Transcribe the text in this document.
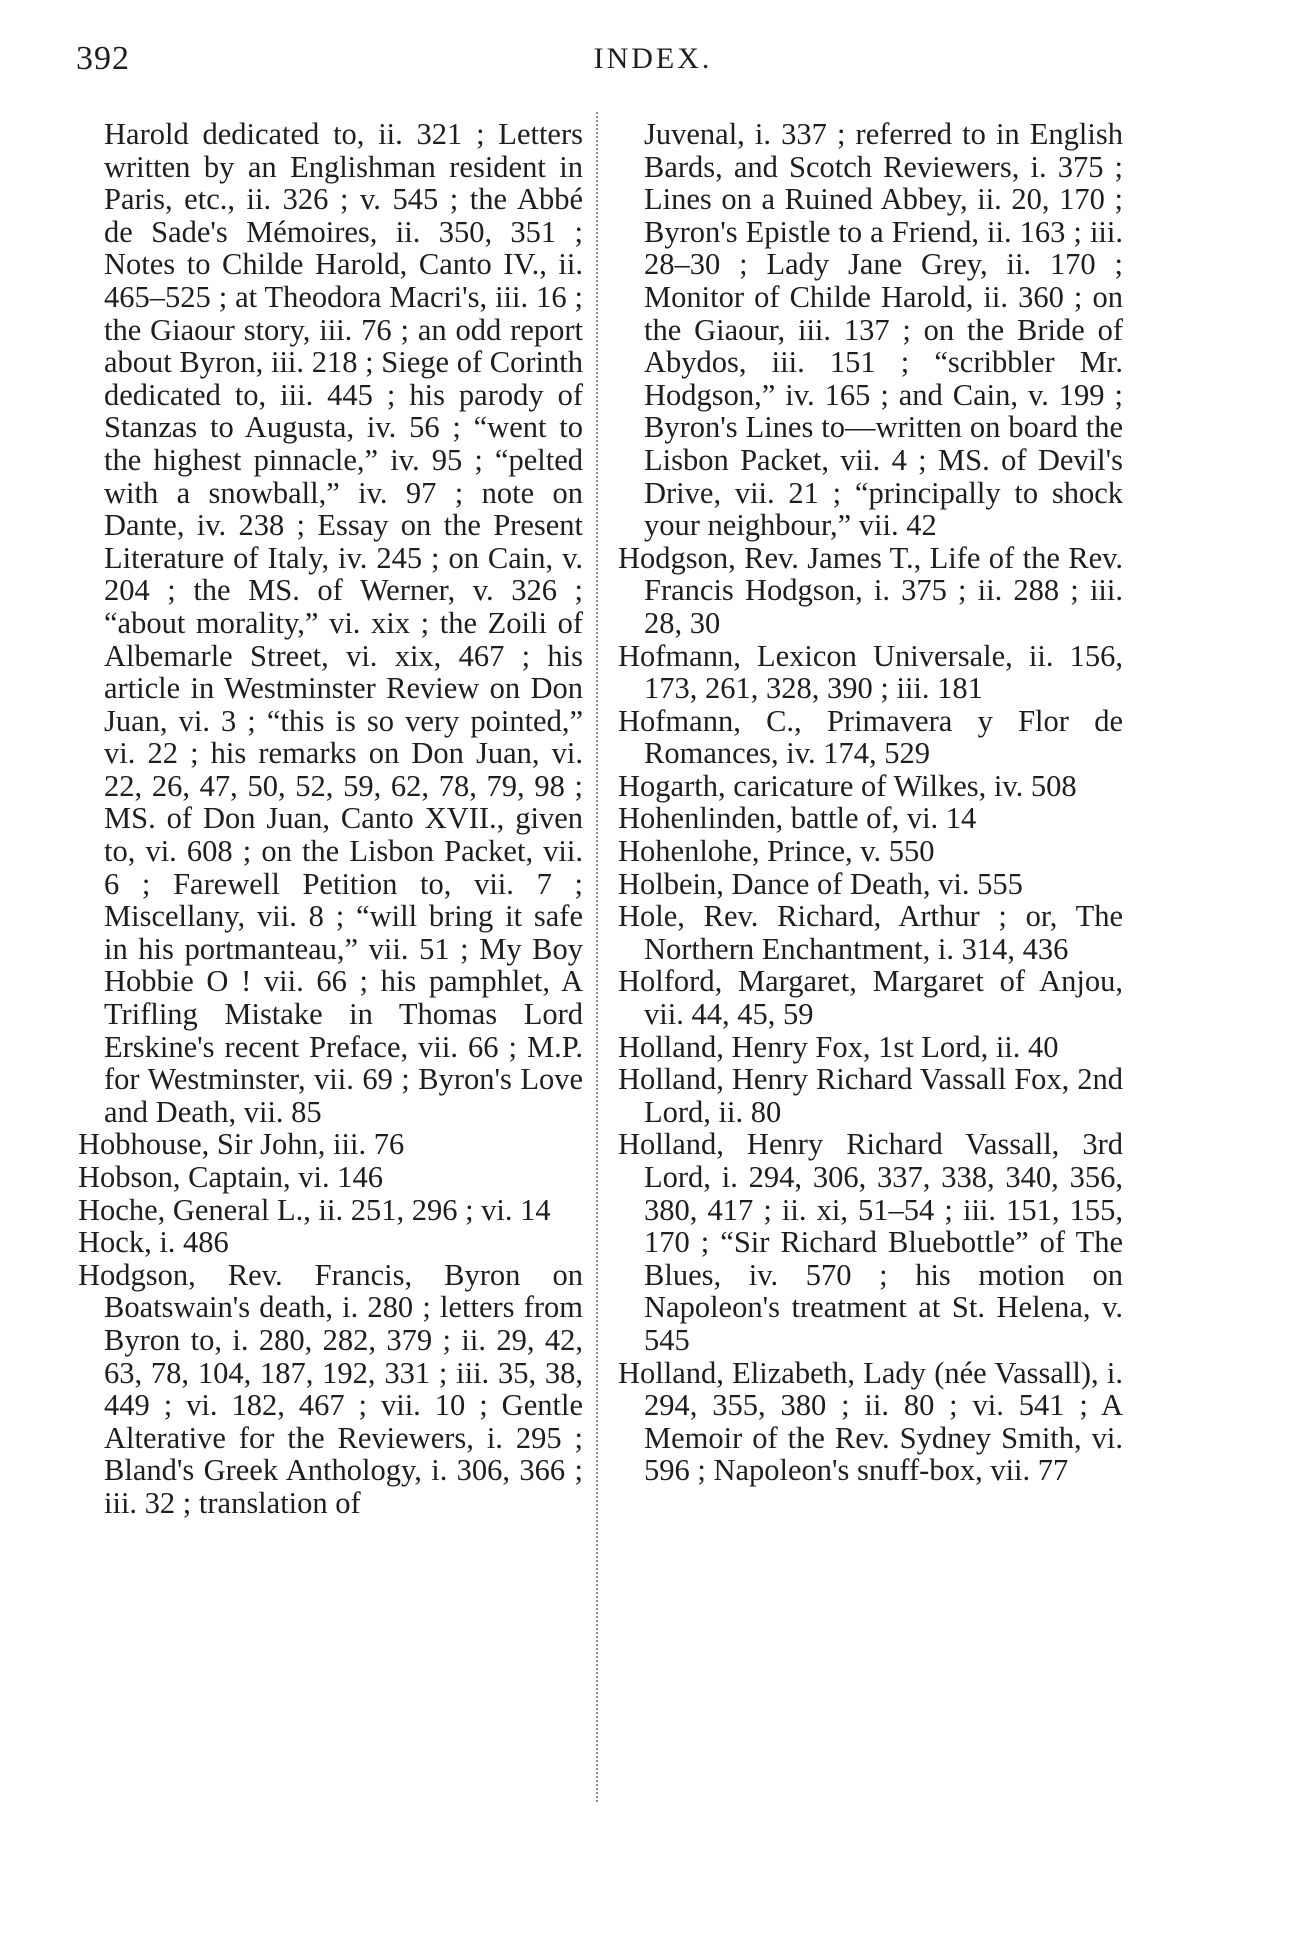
392	INDEX.

Harold dedicated to, ii. 321 ; Letters written by an Englishman resident in Paris, etc., ii. 326 ; v. 545 ; the Abbé de Sade's Mémoires, ii. 350, 351 ; Notes to Childe Harold, Canto IV., ii. 465–525 ; at Theodora Macri's, iii. 16 ; the Giaour story, iii. 76 ; an odd report about Byron, iii. 218 ; Siege of Corinth dedicated to, iii. 445 ; his parody of Stanzas to Augusta, iv. 56 ; “went to the highest pinnacle,” iv. 95 ; “pelted with a snowball,” iv. 97 ; note on Dante, iv. 238 ; Essay on the Present Literature of Italy, iv. 245 ; on Cain, v. 204 ; the MS. of Werner, v. 326 ; “about morality,” vi. xix ; the Zoili of Albemarle Street, vi. xix, 467 ; his article in Westminster Review on Don Juan, vi. 3 ; “this is so very pointed,” vi. 22 ; his remarks on Don Juan, vi. 22, 26, 47, 50, 52, 59, 62, 78, 79, 98 ; MS. of Don Juan, Canto XVII., given to, vi. 608 ; on the Lisbon Packet, vii. 6 ; Farewell Petition to, vii. 7 ; Miscellany, vii. 8 ; “will bring it safe in his portmanteau,” vii. 51 ; My Boy Hobbie O ! vii. 66 ; his pamphlet, A Trifling Mistake in Thomas Lord Erskine's recent Preface, vii. 66 ; M.P. for Westminster, vii. 69 ; Byron's Love and Death, vii. 85

Hobhouse, Sir John, iii. 76

Hobson, Captain, vi. 146

Hoche, General L., ii. 251, 296 ; vi. 14

Hock, i. 486

Hodgson, Rev. Francis, Byron on Boatswain's death, i. 280 ; letters from Byron to, i. 280, 282, 379 ; ii. 29, 42, 63, 78, 104, 187, 192, 331 ; iii. 35, 38, 449 ; vi. 182, 467 ; vii. 10 ; Gentle Alterative for the Reviewers, i. 295 ; Bland's Greek Anthology, i. 306, 366 ; iii. 32 ; translation of

Juvenal, i. 337 ; referred to in English Bards, and Scotch Reviewers, i. 375 ; Lines on a Ruined Abbey, ii. 20, 170 ; Byron's Epistle to a Friend, ii. 163 ; iii. 28–30 ; Lady Jane Grey, ii. 170 ; Monitor of Childe Harold, ii. 360 ; on the Giaour, iii. 137 ; on the Bride of Abydos, iii. 151 ; “scribbler Mr. Hodgson,” iv. 165 ; and Cain, v. 199 ; Byron's Lines to—written on board the Lisbon Packet, vii. 4 ; MS. of Devil's Drive, vii. 21 ; “principally to shock your neighbour,” vii. 42

Hodgson, Rev. James T., Life of the Rev. Francis Hodgson, i. 375 ; ii. 288 ; iii. 28, 30

Hofmann, Lexicon Universale, ii. 156, 173, 261, 328, 390 ; iii. 181

Hofmann, C., Primavera y Flor de Romances, iv. 174, 529

Hogarth, caricature of Wilkes, iv. 508

Hohenlinden, battle of, vi. 14

Hohenlohe, Prince, v. 550

Holbein, Dance of Death, vi. 555

Hole, Rev. Richard, Arthur ; or, The Northern Enchantment, i. 314, 436

Holford, Margaret, Margaret of Anjou, vii. 44, 45, 59

Holland, Henry Fox, 1st Lord, ii. 40

Holland, Henry Richard Vassall Fox, 2nd Lord, ii. 80

Holland, Henry Richard Vassall, 3rd Lord, i. 294, 306, 337, 338, 340, 356, 380, 417 ; ii. xi, 51–54 ; iii. 151, 155, 170 ; “Sir Richard Bluebottle” of The Blues, iv. 570 ; his motion on Napoleon's treatment at St. Helena, v. 545

Holland, Elizabeth, Lady (née Vassall), i. 294, 355, 380 ; ii. 80 ; vi. 541 ; A Memoir of the Rev. Sydney Smith, vi. 596 ; Napoleon's snuff-box, vii. 77
